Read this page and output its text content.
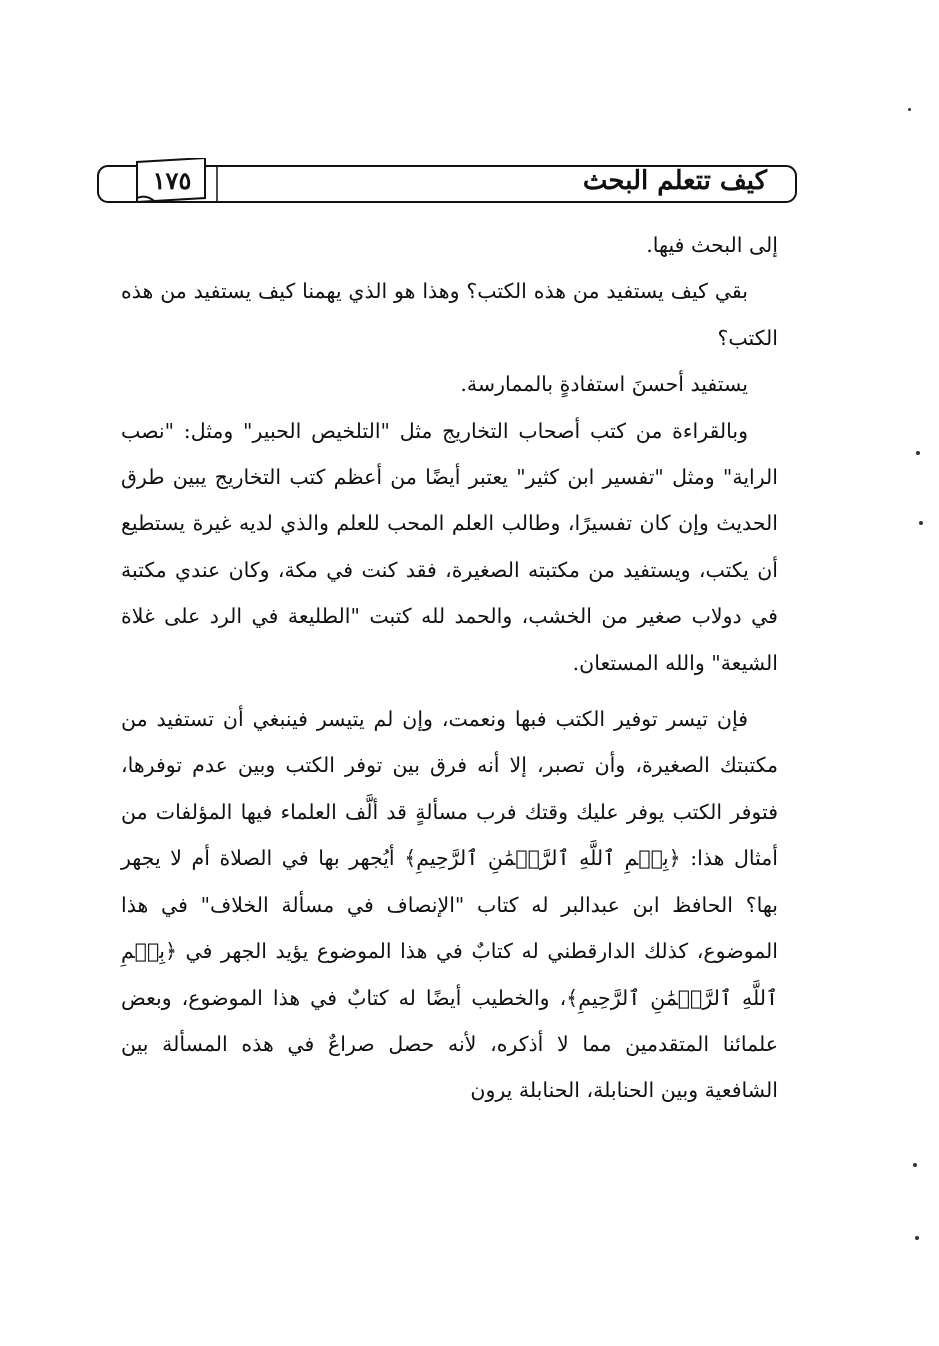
كيف تتعلم البحث
١٧٥

إلى البحث فيها.

بقي كيف يستفيد من هذه الكتب؟ وهذا هو الذي يهمنا كيف يستفيد من هذه الكتب؟

يستفيد أحسنَ استفادةٍ بالممارسة.

وبالقراءة من كتب أصحاب التخاريج مثل "التلخيص الحبير" ومثل: "نصب الراية" ومثل "تفسير ابن كثير" يعتبر أيضًا من أعظم كتب التخاريج يبين طرق الحديث وإن كان تفسيرًا، وطالب العلم المحب للعلم والذي لديه غيرة يستطيع أن يكتب، ويستفيد من مكتبته الصغيرة، فقد كنت في مكة، وكان عندي مكتبة في دولاب صغير من الخشب، والحمد لله كتبت "الطليعة في الرد على غلاة الشيعة" والله المستعان.

فإن تيسر توفير الكتب فبها ونعمت، وإن لم يتيسر فينبغي أن تستفيد من مكتبتك الصغيرة، وأن تصبر، إلا أنه فرق بين توفر الكتب وبين عدم توفرها، فتوفر الكتب يوفر عليك وقتك فرب مسألةٍ قد ألَّف العلماء فيها المؤلفات من أمثال هذا: ﴿بِسۡمِ ٱللَّهِ ٱلرَّحۡمَٰنِ ٱلرَّحِيمِ﴾ أيُجهر بها في الصلاة أم لا يجهر بها؟ الحافظ ابن عبدالبر له كتاب "الإنصاف في مسألة الخلاف" في هذا الموضوع، كذلك الدارقطني له كتابٌ في هذا الموضوع يؤيد الجهر في ﴿بِسۡمِ ٱللَّهِ ٱلرَّحۡمَٰنِ ٱلرَّحِيمِ﴾، والخطيب أيضًا له كتابٌ في هذا الموضوع، وبعض علمائنا المتقدمين مما لا أذكره، لأنه حصل صراعٌ في هذه المسألة بين الشافعية وبين الحنابلة، الحنابلة يرون
